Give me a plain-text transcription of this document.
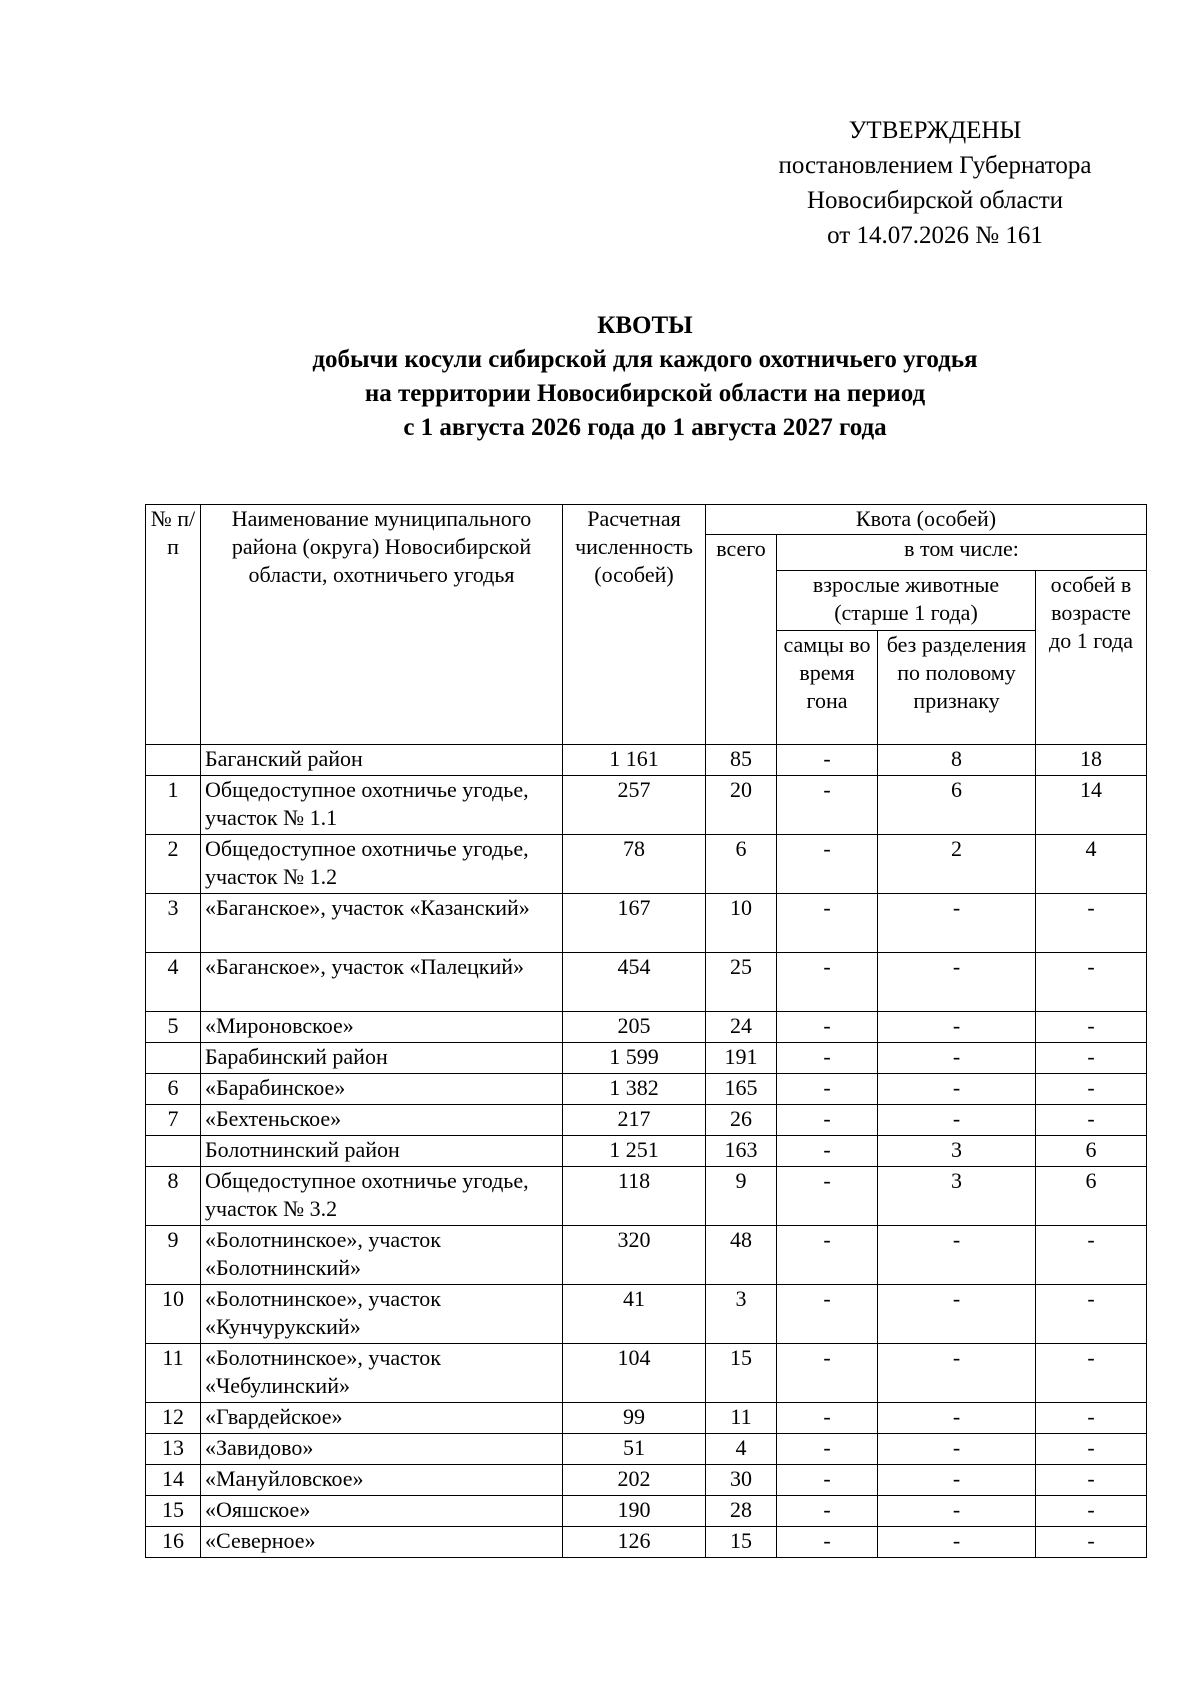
УТВЕРЖДЕНЫ
постановлением Губернатора
Новосибирской области
от 14.07.2026 № 161
КВОТЫ
добычи косули сибирской для каждого охотничьего угодья
на территории Новосибирской области на период
с 1 августа 2026 года до 1 августа 2027 года
№ п/п	Наименование муниципального района (округа) Новосибирской области, охотничьего угодья	Расчетная численность (особей)	Квота (особей)			
			всего	в том числе:		
				взрослые животные (старше 1 года)		особей в возрасте до 1 года
				самцы во время гона	без разделения по половому признаку	
	Баганский район	1 161	85	-	8	18
1	Общедоступное охотничье угодье, участок № 1.1	257	20	-	6	14
2	Общедоступное охотничье угодье, участок № 1.2	78	6	-	2	4
3	«Баганское», участок «Казанский»	167	10	-	-	-
4	«Баганское», участок «Палецкий»	454	25	-	-	-
5	«Мироновское»	205	24	-	-	-
	Барабинский район	1 599	191	-	-	-
6	«Барабинское»	1 382	165	-	-	-
7	«Бехтеньское»	217	26	-	-	-
	Болотнинский район	1 251	163	-	3	6
8	Общедоступное охотничье угодье, участок № 3.2	118	9	-	3	6
9	«Болотнинское», участок «Болотнинский»	320	48	-	-	-
10	«Болотнинское», участок «Кунчурукский»	41	3	-	-	-
11	«Болотнинское», участок «Чебулинский»	104	15	-	-	-
12	«Гвардейское»	99	11	-	-	-
13	«Завидово»	51	4	-	-	-
14	«Мануйловское»	202	30	-	-	-
15	«Ояшское»	190	28	-	-	-
16	«Северное»	126	15	-	-	-
